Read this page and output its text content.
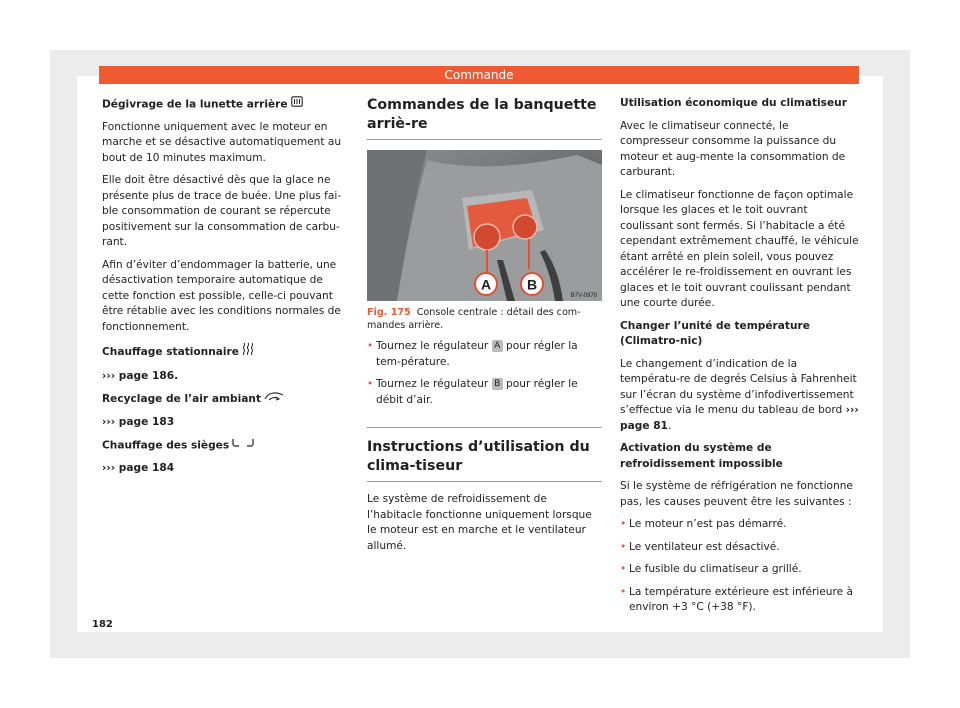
Commande
Dégivrage de la lunette arrière

Fonctionne uniquement avec le moteur en marche et se désactive automatiquement au bout de 10 minutes maximum.

Elle doit être désactivé dès que la glace ne présente plus de trace de buée. Une plus fai-ble consommation de courant se répercute positivement sur la consommation de carbu-rant.

Afin d’éviter d’endommager la batterie, une désactivation temporaire automatique de cette fonction est possible, celle-ci pouvant être rétablie avec les conditions normales de fonctionnement.

Chauffage stationnaire

››› page 186.

Recyclage de l’air ambiant

››› page 183

Chauffage des sièges

››› page 184

Commandes de la banquette arriè-re
A	B
B7V-0970

Fig. 175 Console centrale : détail des com-mandes arrière.

• Tournez le régulateur A pour régler la tem-pérature.

• Tournez le régulateur B pour régler le débit d’air.

Instructions d’utilisation du clima-tiseur

Le système de refroidissement de l’habitacle fonctionne uniquement lorsque le moteur est en marche et le ventilateur allumé.

Utilisation économique du climatiseur

Avec le climatiseur connecté, le compresseur consomme la puissance du moteur et aug-mente la consommation de carburant.

Le climatiseur fonctionne de façon optimale lorsque les glaces et le toit ouvrant coulissant sont fermés. Si l’habitacle a été cependant extrêmement chauffé, le véhicule étant arrêté en plein soleil, vous pouvez accélérer le re-froidissement en ouvrant les glaces et le toit ouvrant coulissant pendant une courte durée.

Changer l’unité de température (Climatro-nic)

Le changement d’indication de la températu-re de degrés Celsius à Fahrenheit sur l’écran du système d’infodivertissement s’effectue via le menu du tableau de bord ››› page 81.

Activation du système de refroidissement impossible

Si le système de réfrigération ne fonctionne pas, les causes peuvent être les suivantes :

• Le moteur n’est pas démarré.

• Le ventilateur est désactivé.

• Le fusible du climatiseur a grillé.

• La température extérieure est inférieure à environ +3 °C (+38 °F).

182
